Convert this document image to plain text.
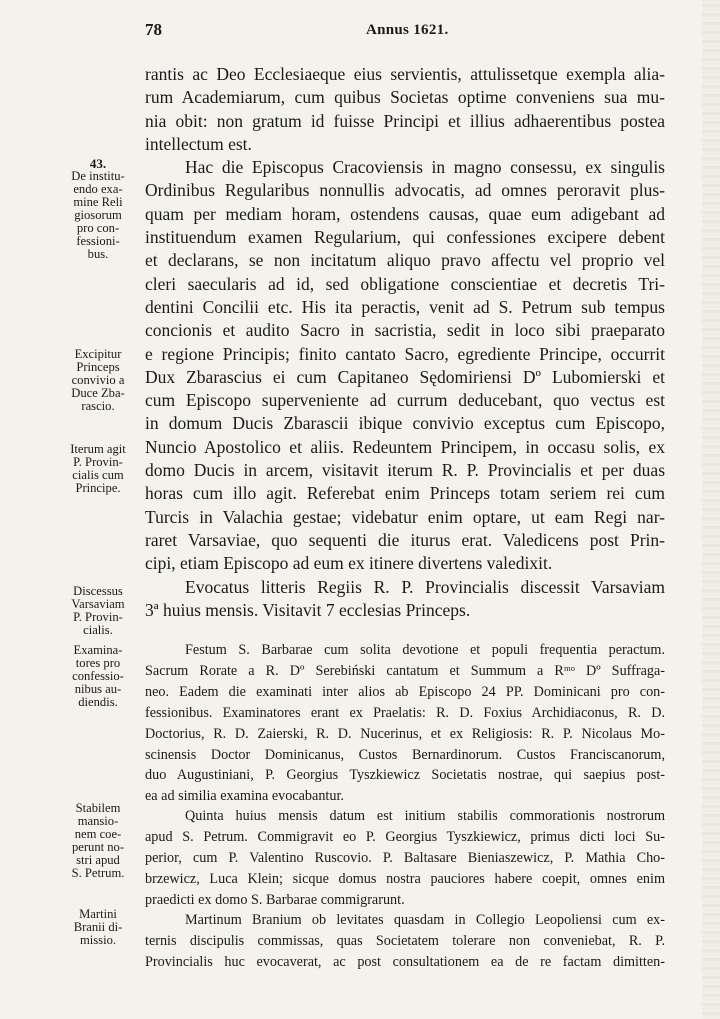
78	Annus 1621.
rantis ac Deo Ecclesiaeque eius servientis, attulissetque exempla alia-
rum Academiarum, cum quibus Societas optime conveniens sua mu-
nia obit: non gratum id fuisse Principi et illius adhaerentibus postea
intellectum est.
Hac die Episcopus Cracoviensis in magno consessu, ex singulis
Ordinibus Regularibus nonnullis advocatis, ad omnes peroravit plus-
quam per mediam horam, ostendens causas, quae eum adigebant ad
instituendum examen Regularium, qui confessiones excipere debent
et declarans, se non incitatum aliquo pravo affectu vel proprio vel
cleri saecularis ad id, sed obligatione conscientiae et decretis Tri-
dentini Concilii etc. His ita peractis, venit ad S. Petrum sub tempus
concionis et audito Sacro in sacristia, sedit in loco sibi praeparato
e regione Principis; finito cantato Sacro, egrediente Principe, occurrit
Dux Zbarascius ei cum Capitaneo Sędomiriensi Dº Lubomierski et
cum Episcopo superveniente ad currum deducebant, quo vectus est
in domum Ducis Zbarascii ibique convivio exceptus cum Episcopo,
Nuncio Apostolico et aliis. Redeuntem Principem, in occasu solis, ex
domo Ducis in arcem, visitavit iterum R. P. Provincialis et per duas
horas cum illo agit. Referebat enim Princeps totam seriem rei cum
Turcis in Valachia gestae; videbatur enim optare, ut eam Regi nar-
raret Varsaviae, quo sequenti die iturus erat. Valedicens post Prin-
cipi, etiam Episcopo ad eum ex itinere divertens valedixit.
Evocatus litteris Regiis R. P. Provincialis discessit Varsaviam
3ª huius mensis. Visitavit 7 ecclesias Princeps.
Festum S. Barbarae cum solita devotione et populi frequentia peractum.
Sacrum Rorate a R. Dº Serebiński cantatum et Summum a Rᵐᵒ Dº Suffraga-
neo. Eadem die examinati inter alios ab Episcopo 24 PP. Dominicani pro con-
fessionibus. Examinatores erant ex Praelatis: R. D. Foxius Archidiaconus, R. D.
Doctorius, R. D. Zaierski, R. D. Nucerinus, et ex Religiosis: R. P. Nicolaus Mo-
scinensis Doctor Dominicanus, Custos Bernardinorum. Custos Franciscanorum,
duo Augustiniani, P. Georgius Tyszkiewicz Societatis nostrae, qui saepius post-
ea ad similia examina evocabantur.
Quinta huius mensis datum est initium stabilis commorationis nostrorum
apud S. Petrum. Commigravit eo P. Georgius Tyszkiewicz, primus dicti loci Su-
perior, cum P. Valentino Ruscovio. P. Baltasare Bieniaszewicz, P. Mathia Cho-
brzewicz, Luca Klein; sicque domus nostra pauciores habere coepit, omnes enim
praedicti ex domo S. Barbarae commigrarunt.
Martinum Branium ob levitates quasdam in Collegio Leopoliensi cum ex-
ternis discipulis commissas, quas Societatem tolerare non conveniebat, R. P.
Provincialis huc evocaverat, ac post consultationem ea de re factam dimitten-
43.
De institu-
endo exa-
mine Reli
giosorum
pro con-
fessioni-
bus.
Excipitur
Princeps
convivio a
Duce Zba-
rascio.
Iterum agit
P. Provin-
cialis cum
Principe.
Discessus
Varsaviam
P. Provin-
cialis.
Examina-
tores pro
confessio-
nibus au-
diendis.
Stabilem
mansio-
nem coe-
perunt no-
stri apud
S. Petrum.
Martini
Branii di-
missio.
